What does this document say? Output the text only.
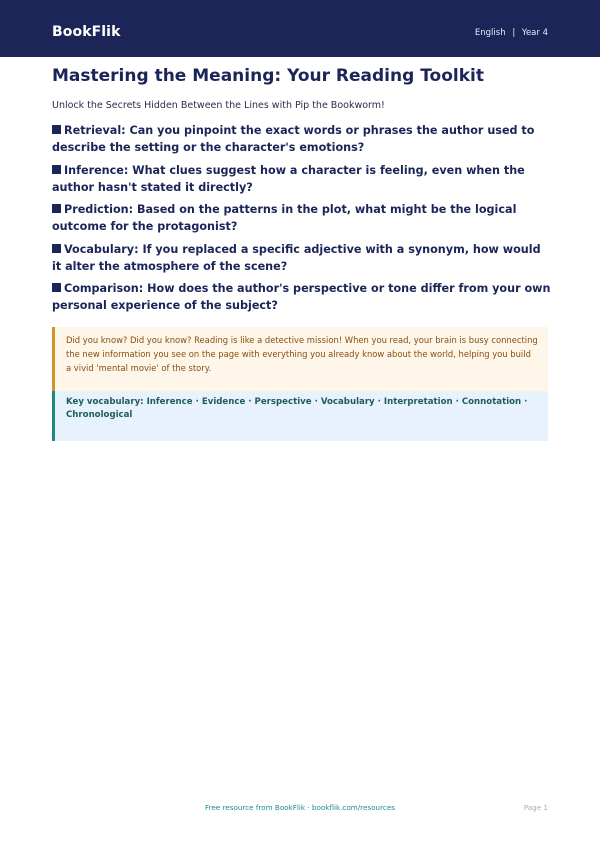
BookFlik	English | Year 4
Mastering the Meaning: Your Reading Toolkit

Unlock the Secrets Hidden Between the Lines with Pip the Bookworm!

Retrieval: Can you pinpoint the exact words or phrases the author used to describe the setting or the character's emotions?
Inference: What clues suggest how a character is feeling, even when the author hasn't stated it directly?
Prediction: Based on the patterns in the plot, what might be the logical outcome for the protagonist?
Vocabulary: If you replaced a specific adjective with a synonym, how would it alter the atmosphere of the scene?
Comparison: How does the author's perspective or tone differ from your own personal experience of the subject?
Did you know? Did you know? Reading is like a detective mission! When you read, your brain is busy connecting the new information you see on the page with everything you already know about the world, helping you build a vivid 'mental movie' of the story.
Key vocabulary: Inference · Evidence · Perspective · Vocabulary · Interpretation · Connotation · Chronological
Free resource from BookFlik · bookflik.com/resources	Page 1
